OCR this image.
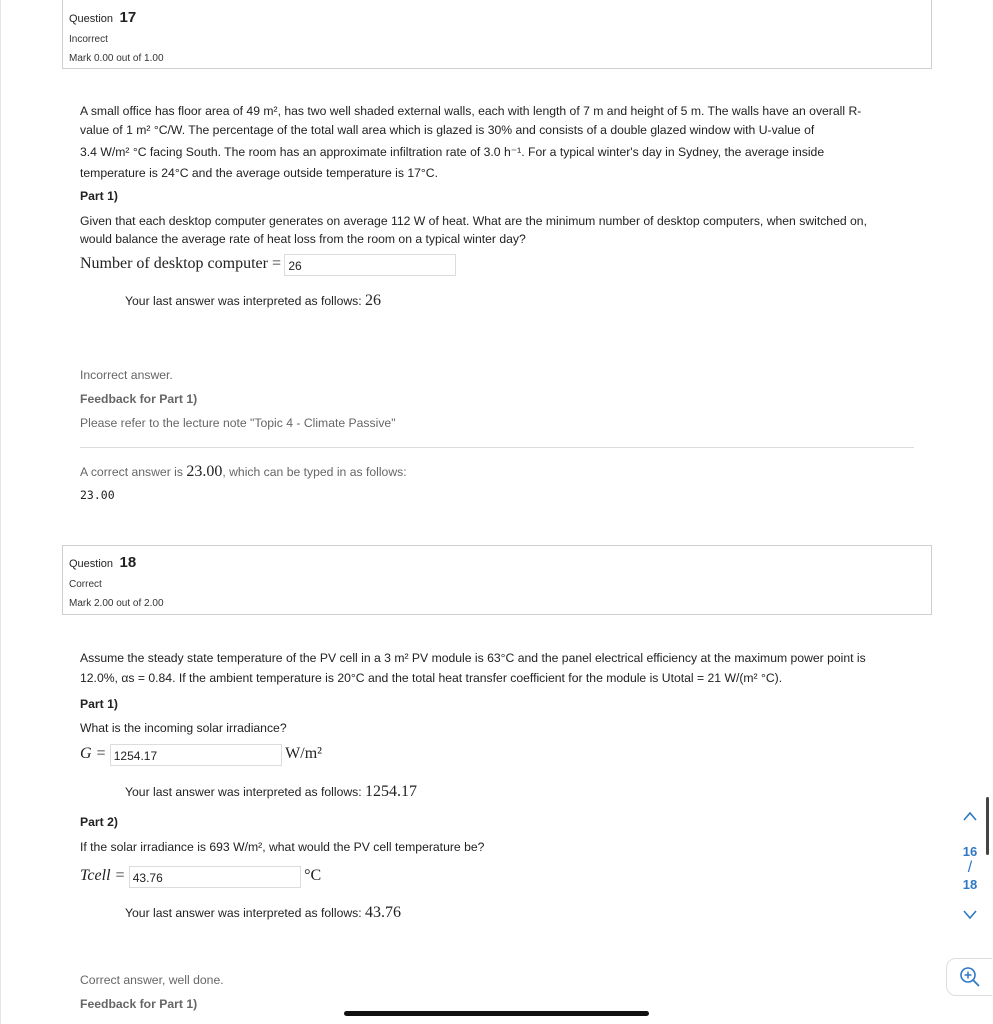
Question 17
Incorrect
Mark 0.00 out of 1.00
A small office has floor area of 49 m², has two well shaded external walls, each with length of 7 m and height of 5 m. The walls have an overall R-
value of 1 m² °C/W. The percentage of the total wall area which is glazed is 30% and consists of a double glazed window with U-value of
3.4 W/m² °C facing South. The room has an approximate infiltration rate of 3.0 h⁻¹. For a typical winter's day in Sydney, the average inside
temperature is 24°C and the average outside temperature is 17°C.
Part 1)
Given that each desktop computer generates on average 112 W of heat. What are the minimum number of desktop computers, when switched on,
would balance the average rate of heat loss from the room on a typical winter day?
Number of desktop computer = 26
Your last answer was interpreted as follows: 26
Incorrect answer.
Feedback for Part 1)
Please refer to the lecture note "Topic 4 - Climate Passive"
A correct answer is 23.00, which can be typed in as follows:
23.00
Question 18
Correct
Mark 2.00 out of 2.00
Assume the steady state temperature of the PV cell in a 3 m² PV module is 63°C and the panel electrical efficiency at the maximum power point is
12.0%, αs = 0.84. If the ambient temperature is 20°C and the total heat transfer coefficient for the module is Utotal = 21 W/(m² °C).
Part 1)
What is the incoming solar irradiance?
G = 1254.17	W/m²
Your last answer was interpreted as follows: 1254.17
Part 2)
If the solar irradiance is 693 W/m², what would the PV cell temperature be?
Tcell = 43.76	°C
Your last answer was interpreted as follows: 43.76
Correct answer, well done.
Feedback for Part 1)
16
/
18
